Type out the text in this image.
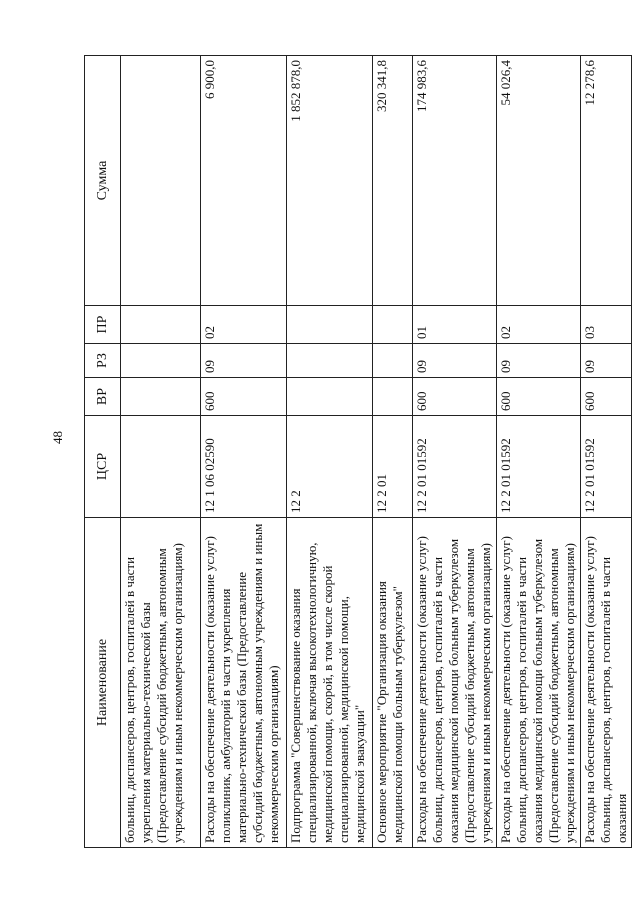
48
Наименование	ЦСР	ВР	РЗ	ПР	Сумма
больниц, диспансеров, центров, госпиталей в части укрепления материально-технической базы (Предоставление субсидий бюджетным, автономным учреждениям и иным некоммерческим организациям)					
Расходы на обеспечение деятельности (оказание услуг) поликлиник, амбулаторий в части укрепления материально-технической базы (Предоставление субсидий бюджетным, автономным учреждениям и иным некоммерческим организациям)	12 1 06 02590	600	09	02	6 900,0
Подпрограмма "Совершенствование оказания специализированной, включая высокотехнологичную, медицинской помощи, скорой, в том числе скорой специализированной, медицинской помощи, медицинской эвакуации"	12 2				1 852 878,0
Основное мероприятие "Организация оказания медицинской помощи больным туберкулезом"	12 2 01				320 341,8
Расходы на обеспечение деятельности (оказание услуг) больниц, диспансеров, центров, госпиталей в части оказания медицинской помощи больным туберкулезом (Предоставление субсидий бюджетным, автономным учреждениям и иным некоммерческим организациям)	12 2 01 01592	600	09	01	174 983,6
Расходы на обеспечение деятельности (оказание услуг) больниц, диспансеров, центров, госпиталей в части оказания медицинской помощи больным туберкулезом (Предоставление субсидий бюджетным, автономным учреждениям и иным некоммерческим организациям)	12 2 01 01592	600	09	02	54 026,4
Расходы на обеспечение деятельности (оказание услуг) больниц, диспансеров, центров, госпиталей в части оказания	12 2 01 01592	600	09	03	12 278,6
